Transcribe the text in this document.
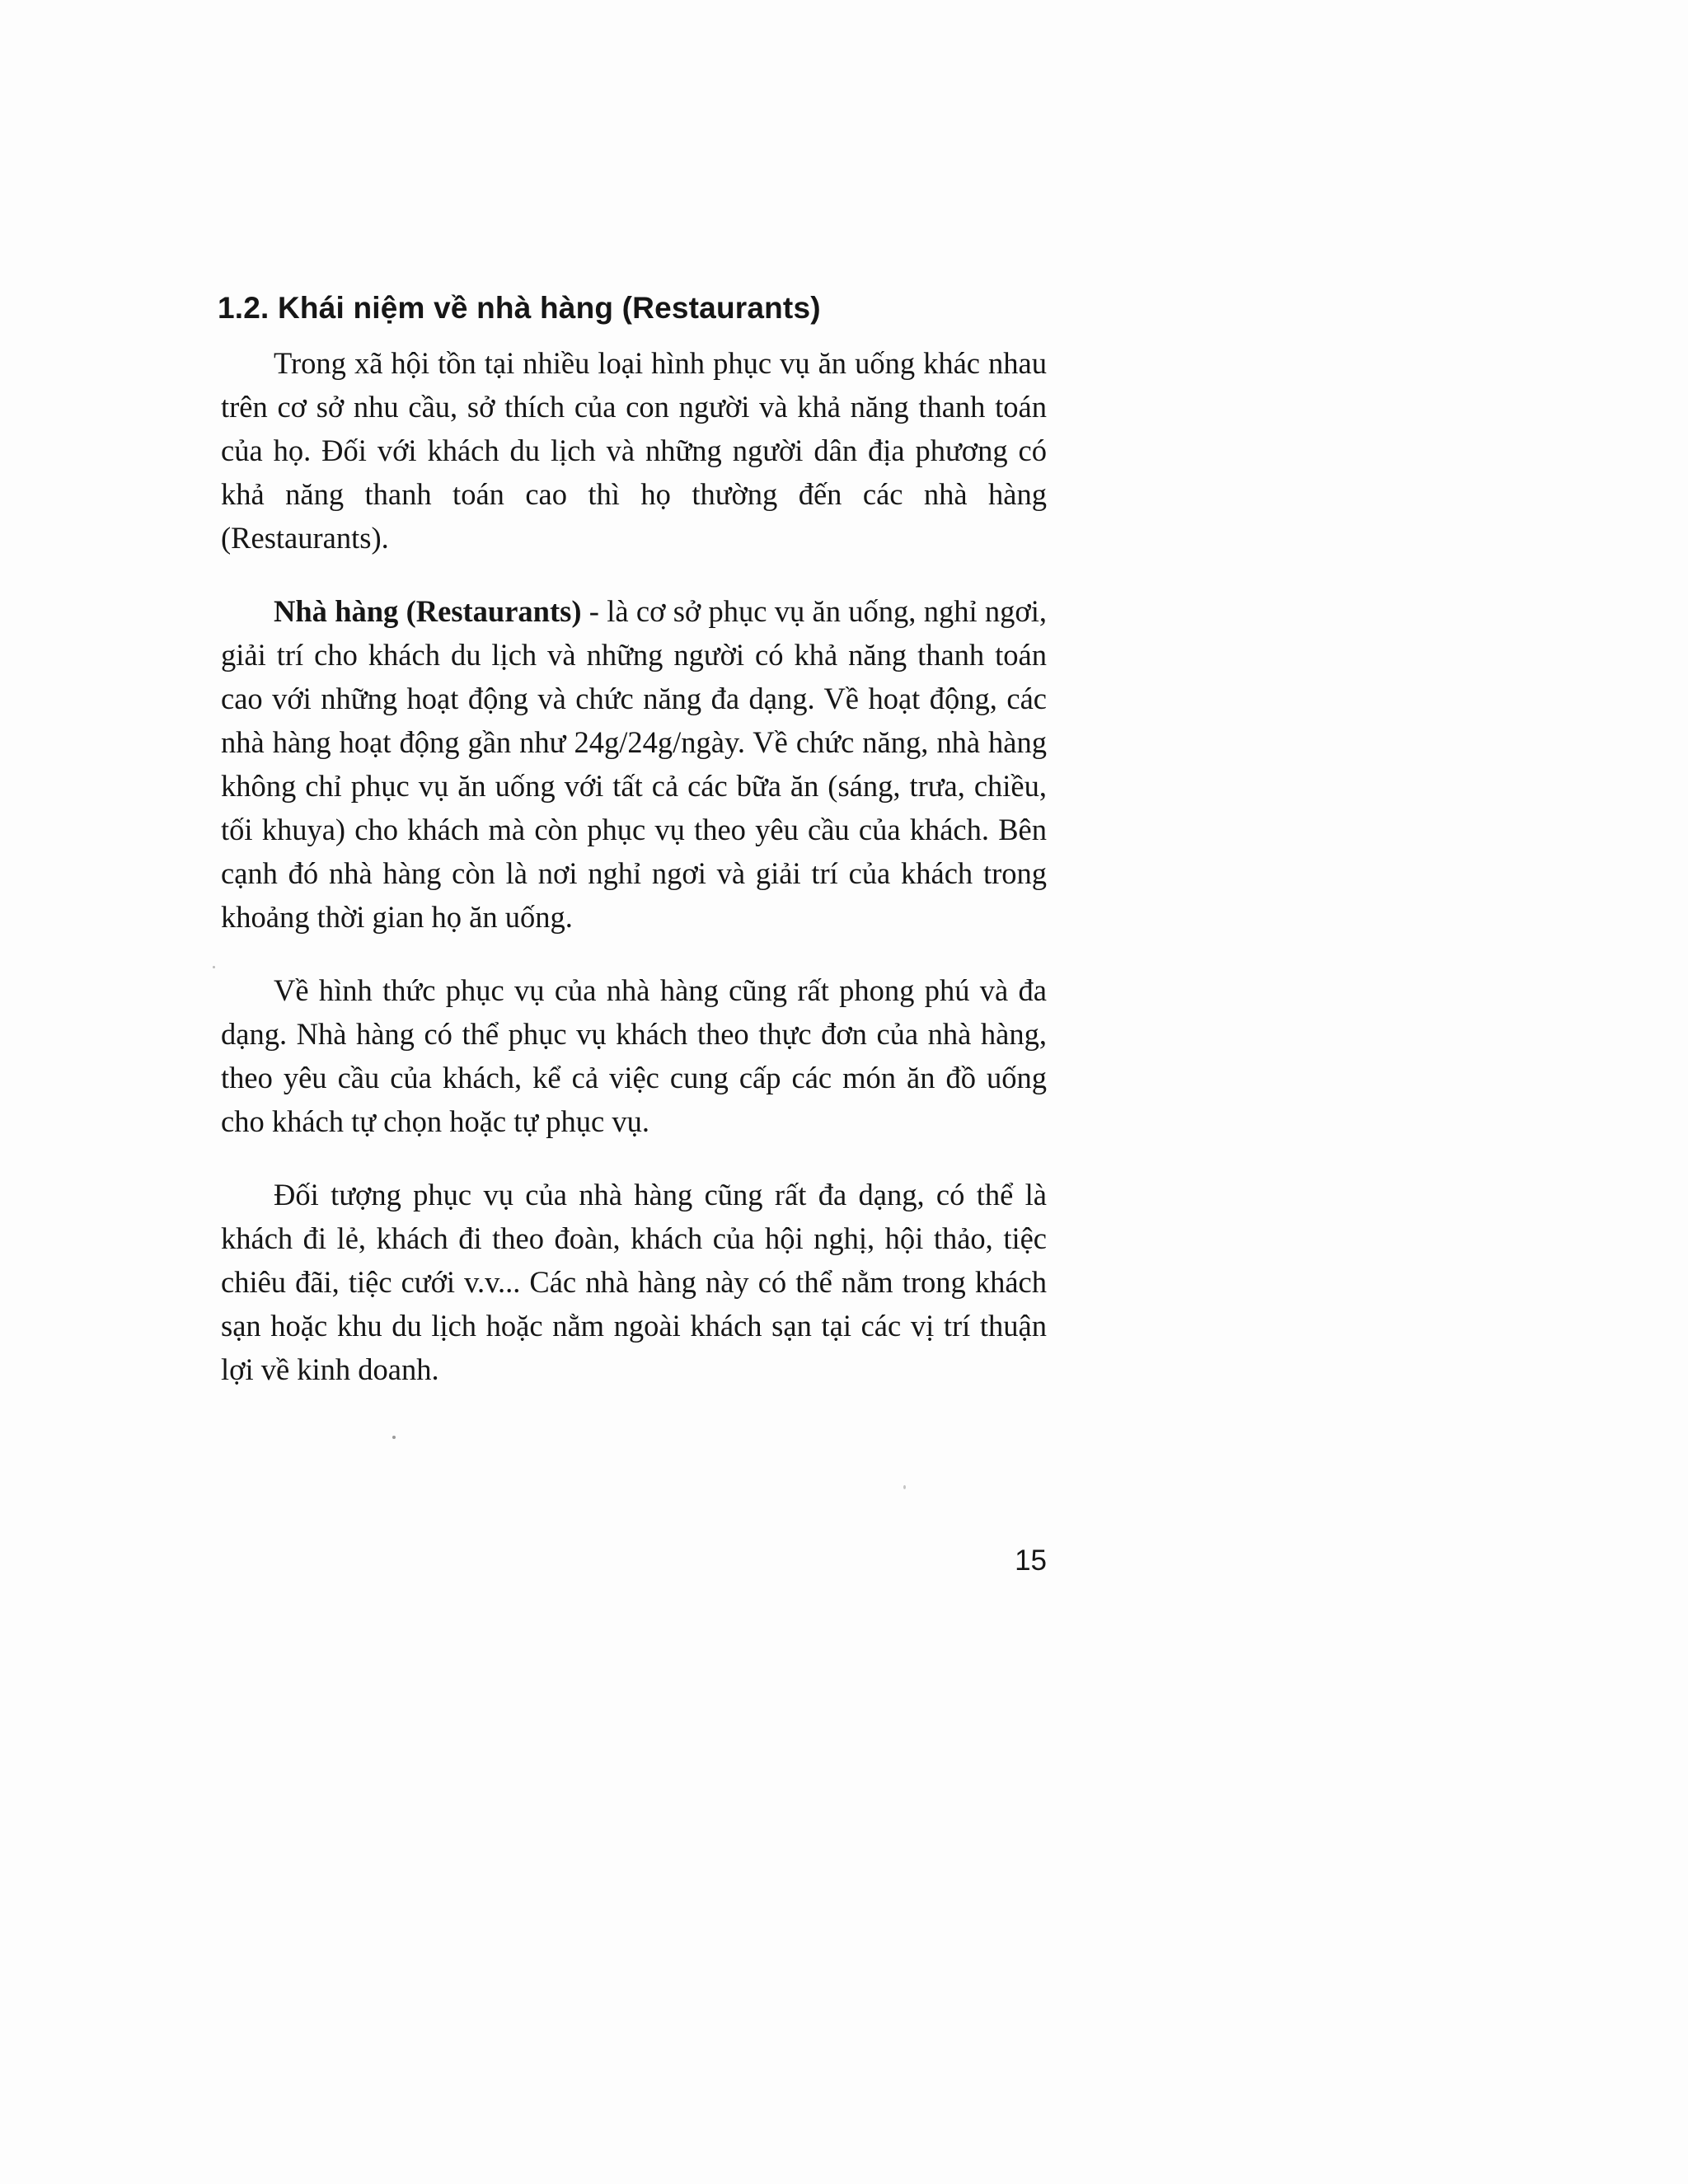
1.2. Khái niệm về nhà hàng (Restaurants)

Trong xã hội tồn tại nhiều loại hình phục vụ ăn uống khác nhau trên cơ sở nhu cầu, sở thích của con người và khả năng thanh toán của họ. Đối với khách du lịch và những người dân địa phương có khả năng thanh toán cao thì họ thường đến các nhà hàng (Restaurants).

Nhà hàng (Restaurants) - là cơ sở phục vụ ăn uống, nghỉ ngơi, giải trí cho khách du lịch và những người có khả năng thanh toán cao với những hoạt động và chức năng đa dạng. Về hoạt động, các nhà hàng hoạt động gần như 24g/24g/ngày. Về chức năng, nhà hàng không chỉ phục vụ ăn uống với tất cả các bữa ăn (sáng, trưa, chiều, tối khuya) cho khách mà còn phục vụ theo yêu cầu của khách. Bên cạnh đó nhà hàng còn là nơi nghỉ ngơi và giải trí của khách trong khoảng thời gian họ ăn uống.

Về hình thức phục vụ của nhà hàng cũng rất phong phú và đa dạng. Nhà hàng có thể phục vụ khách theo thực đơn của nhà hàng, theo yêu cầu của khách, kể cả việc cung cấp các món ăn đồ uống cho khách tự chọn hoặc tự phục vụ.

Đối tượng phục vụ của nhà hàng cũng rất đa dạng, có thể là khách đi lẻ, khách đi theo đoàn, khách của hội nghị, hội thảo, tiệc chiêu đãi, tiệc cưới v.v... Các nhà hàng này có thể nằm trong khách sạn hoặc khu du lịch hoặc nằm ngoài khách sạn tại các vị trí thuận lợi về kinh doanh.

15
